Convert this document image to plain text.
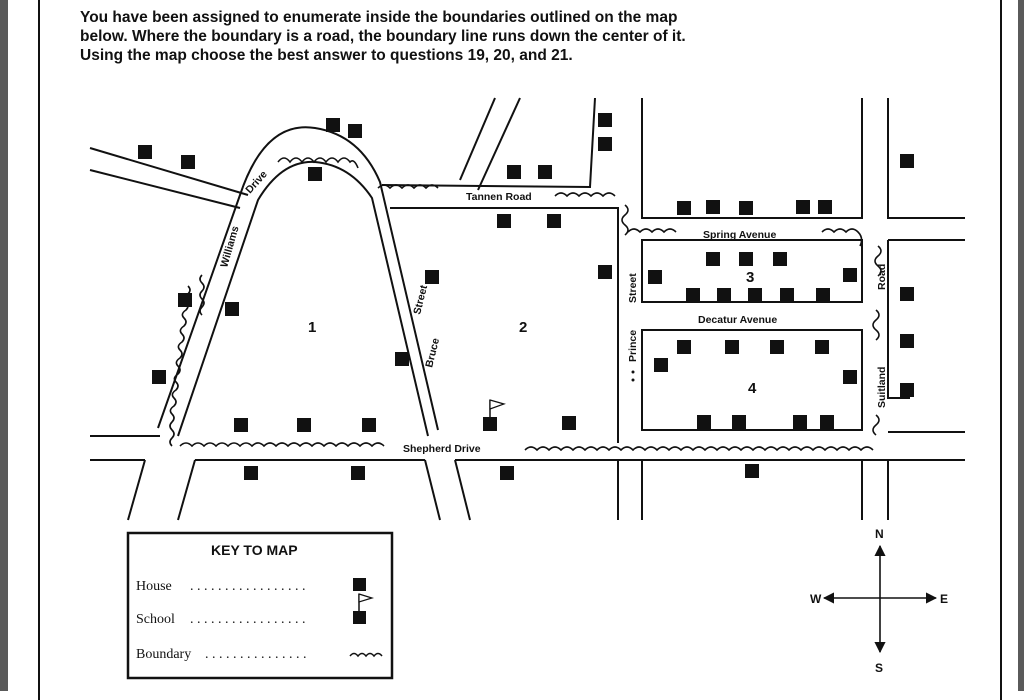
You have been assigned to enumerate inside the boundaries outlined on the map
below. Where the boundary is a road, the boundary line runs down the center of it.
Using the map choose the best answer to questions 19, 20, and 21.

Drive
Williams
Tannen Road
Spring Avenue
Decatur Avenue
Bruce
Street
Prince
Street
Suitland
Road
Shepherd Drive
1	2
3
4
KEY TO MAP
House . . . . . . . . . . . . . . . . .
School . . . . . . . . . . . . . . . . .
Boundary . . . . . . . . . . . . . . .
N
S
E
W
